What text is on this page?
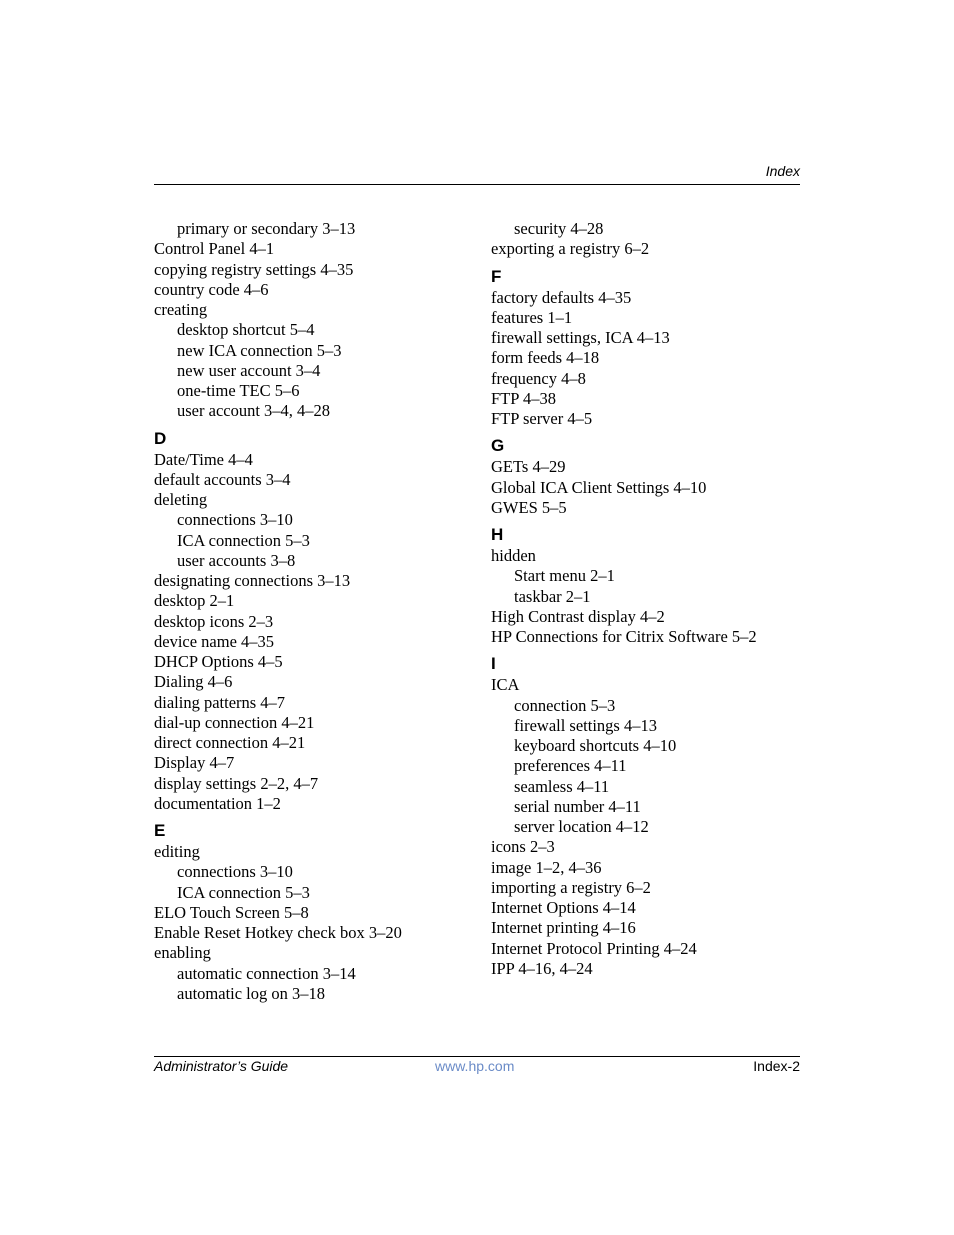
Index
primary or secondary 3–13
Control Panel 4–1
copying registry settings 4–35
country code 4–6
creating
desktop shortcut 5–4
new ICA connection 5–3
new user account 3–4
one-time TEC 5–6
user account 3–4, 4–28
D
Date/Time 4–4
default accounts 3–4
deleting
connections 3–10
ICA connection 5–3
user accounts 3–8
designating connections 3–13
desktop 2–1
desktop icons 2–3
device name 4–35
DHCP Options 4–5
Dialing 4–6
dialing patterns 4–7
dial-up connection 4–21
direct connection 4–21
Display 4–7
display settings 2–2, 4–7
documentation 1–2
E
editing
connections 3–10
ICA connection 5–3
ELO Touch Screen 5–8
Enable Reset Hotkey check box 3–20
enabling
automatic connection 3–14
automatic log on 3–18
security 4–28
exporting a registry 6–2
F
factory defaults 4–35
features 1–1
firewall settings, ICA 4–13
form feeds 4–18
frequency 4–8
FTP 4–38
FTP server 4–5
G
GETs 4–29
Global ICA Client Settings 4–10
GWES 5–5
H
hidden
Start menu 2–1
taskbar 2–1
High Contrast display 4–2
HP Connections for Citrix Software 5–2
I
ICA
connection 5–3
firewall settings 4–13
keyboard shortcuts 4–10
preferences 4–11
seamless 4–11
serial number 4–11
server location 4–12
icons 2–3
image 1–2, 4–36
importing a registry 6–2
Internet Options 4–14
Internet printing 4–16
Internet Protocol Printing 4–24
IPP 4–16, 4–24
Administrator’s Guide	www.hp.com	Index-2
